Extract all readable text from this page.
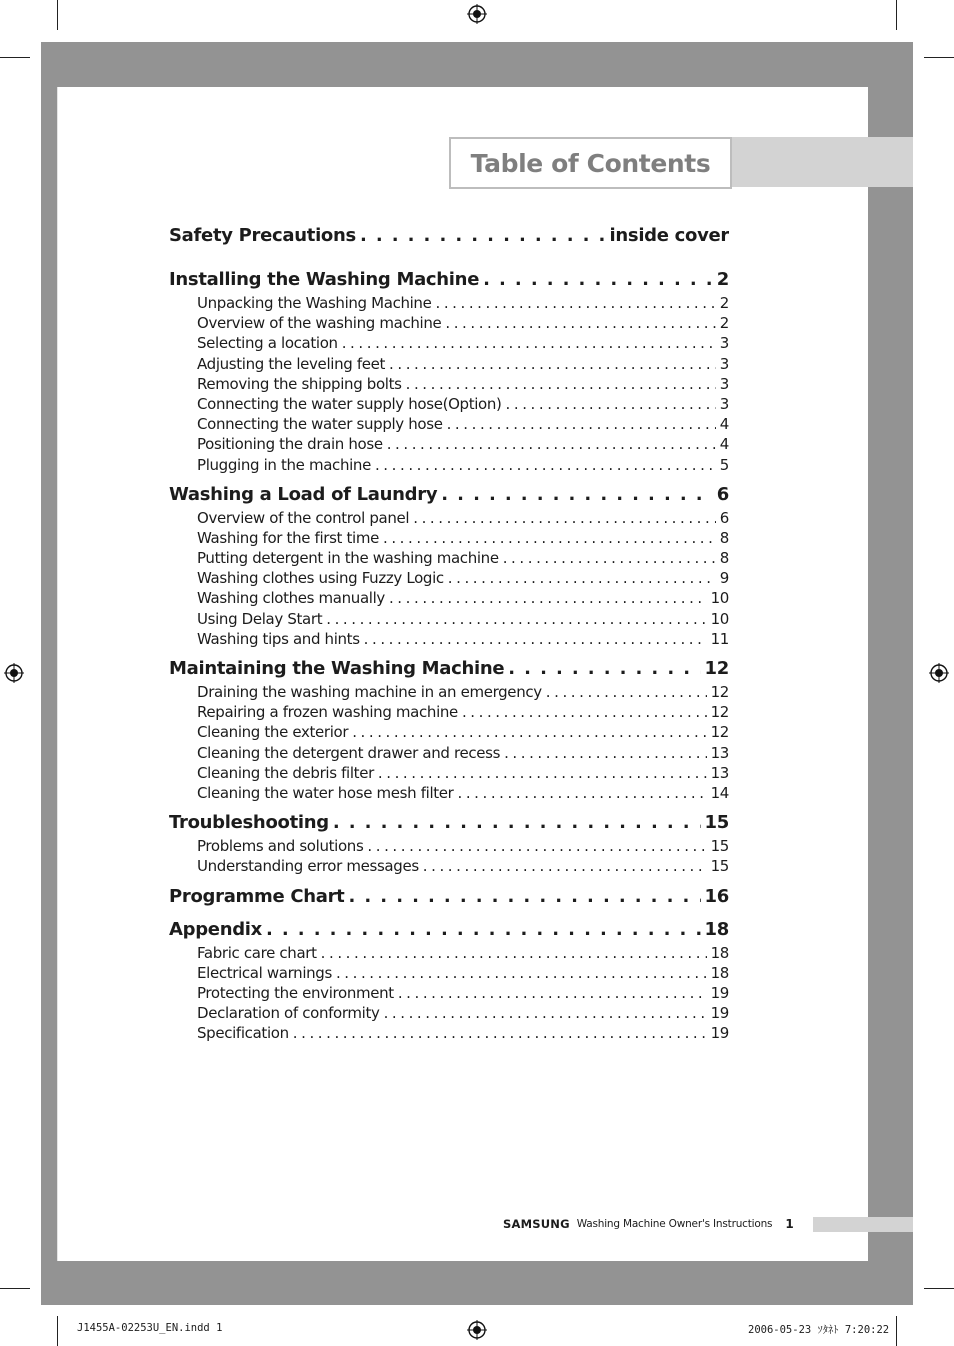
Table of Contents
Safety Precautions . . .	inside cover
Installing the Washing Machine . . .	2
Unpacking the Washing Machine . . .	2
Overview of the washing machine . . .	2
Selecting a location . . .	3
Adjusting the leveling feet . . .	3
Removing the shipping bolts . . .	3
Connecting the water supply hose(Option) . . .	3
Connecting the water supply hose . . .	4
Positioning the drain hose . . .	4
Plugging in the machine . . .	5
Washing a Load of Laundry . . .	6
Overview of the control panel . . .	6
Washing for the first time . . .	8
Putting detergent in the washing machine . . .	8
Washing clothes using Fuzzy Logic . . .	9
Washing clothes manually . . .	10
Using Delay Start . . .	10
Washing tips and hints . . .	11
Maintaining the Washing Machine . . .	12
Draining the washing machine in an emergency . . .	12
Repairing a frozen washing machine . . .	12
Cleaning the exterior . . .	12
Cleaning the detergent drawer and recess . . .	13
Cleaning the debris filter . . .	13
Cleaning the water hose mesh filter . . .	14
Troubleshooting . . .	15
Problems and solutions . . .	15
Understanding error messages . . .	15
Programme Chart . . .	16
Appendix . . .	18
Fabric care chart . . .	18
Electrical warnings . . .	18
Protecting the environment . . .	19
Declaration of conformity . . .	19
Specification . . .	19
SAMSUNG Washing Machine Owner's Instructions 1
J1455A-02253U_EN.indd 1	2006-05-23 ｿﾀﾈﾄ 7:20:22
